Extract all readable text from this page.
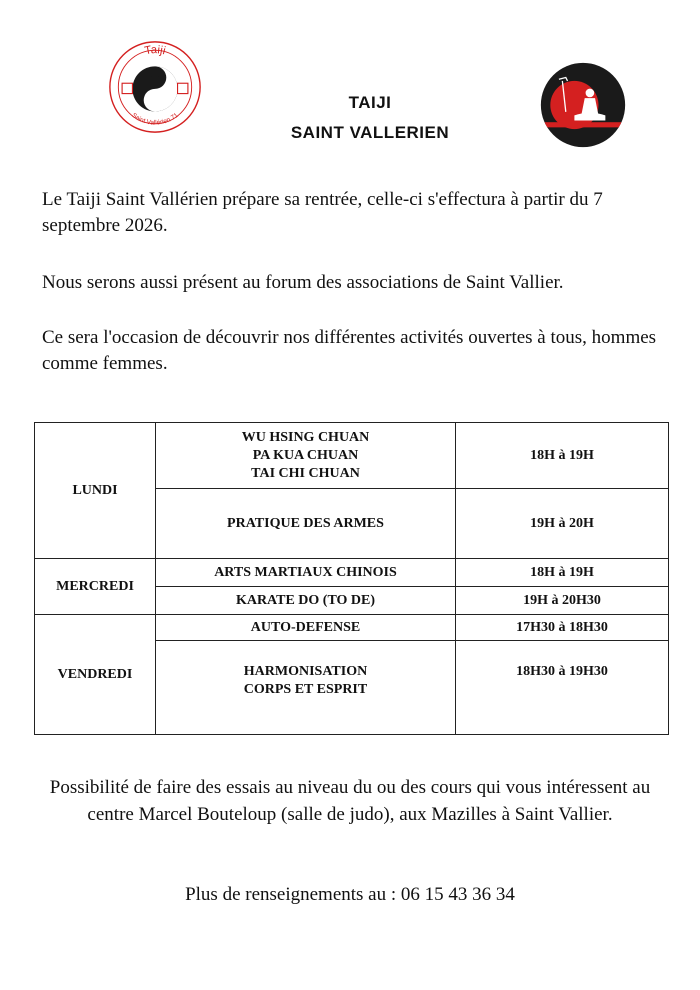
Taiji
Saint Vallérien 71
TAIJI
SAINT VALLERIEN

Le Taiji Saint Vallérien prépare sa rentrée, celle-ci s'effectura à partir du 7 septembre 2026.

Nous serons aussi présent au forum des associations de Saint Vallier.

Ce sera l'occasion de découvrir nos différentes activités ouvertes à tous, hommes comme femmes.

LUNDI	WU HSING CHUAN
PA KUA CHUAN
TAI CHI CHUAN	18H à 19H
	PRATIQUE DES ARMES	19H à 20H
MERCREDI	ARTS MARTIAUX CHINOIS	18H à 19H
	KARATE DO (TO DE)	19H à 20H30
VENDREDI	AUTO-DEFENSE	17H30 à 18H30

	HARMONISATION
CORPS ET ESPRIT	18H30 à 19H30

Possibilité de faire des essais au niveau du ou des cours qui vous intéressent au centre Marcel Bouteloup (salle de judo), aux Mazilles à Saint Vallier.

Plus de renseignements au : 06 15 43 36 34
